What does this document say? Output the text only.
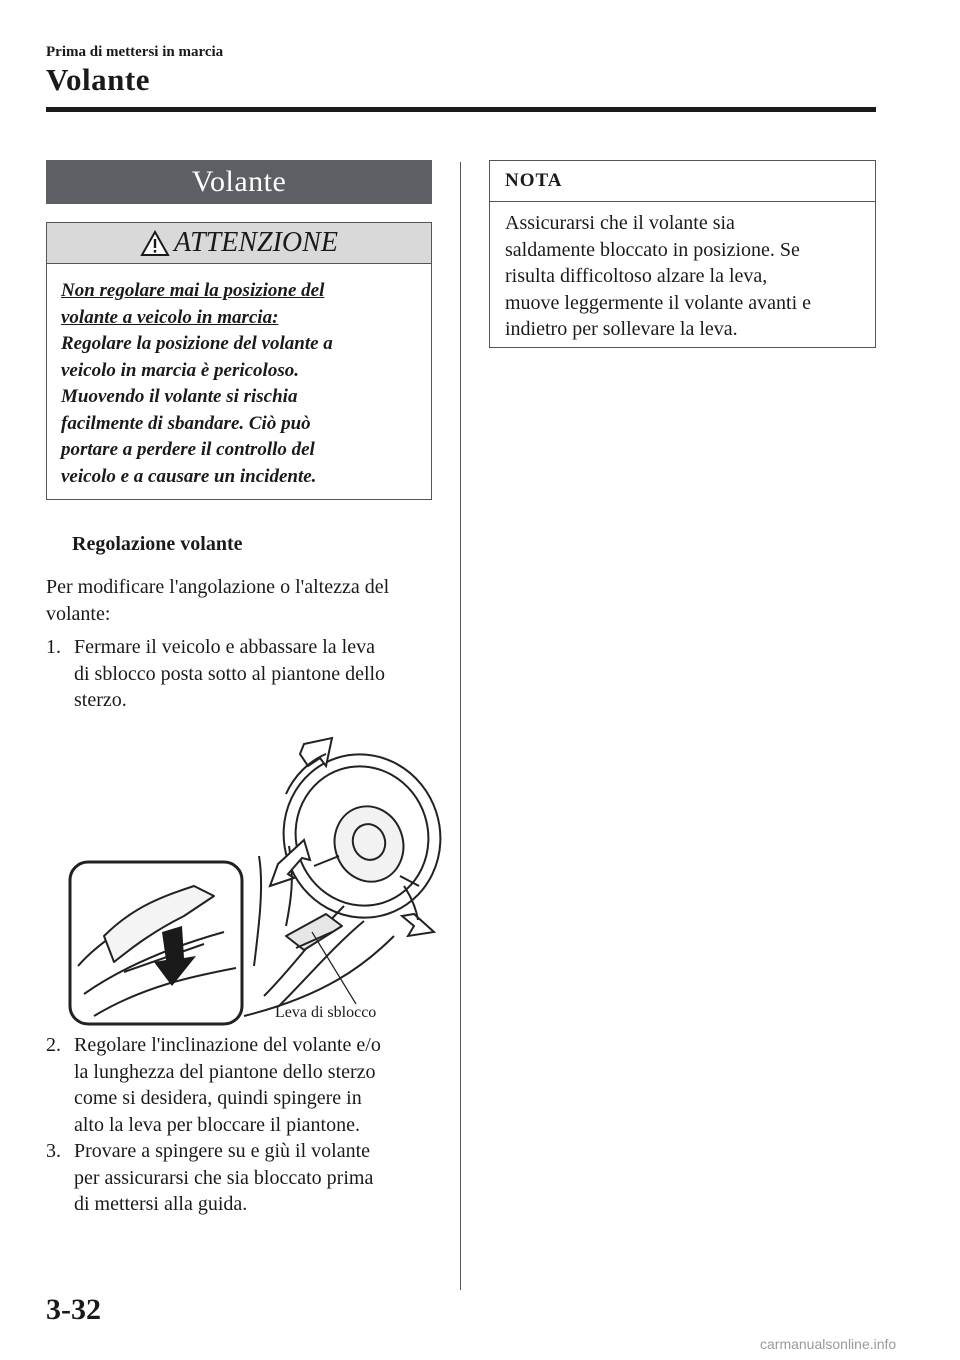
Prima di mettersi in marcia
Volante
Volante
ATTENZIONE
Non regolare mai la posizione del
volante a veicolo in marcia:
Regolare la posizione del volante a
veicolo in marcia è pericoloso.
Muovendo il volante si rischia
facilmente di sbandare. Ciò può
portare a perdere il controllo del
veicolo e a causare un incidente.
Regolazione volante
Per modificare l'angolazione o l'altezza del
volante:
1. Fermare il veicolo e abbassare la leva
di sblocco posta sotto al piantone dello
sterzo.
Leva di sblocco
2. Regolare l'inclinazione del volante e/o
la lunghezza del piantone dello sterzo
come si desidera, quindi spingere in
alto la leva per bloccare il piantone.
3. Provare a spingere su e giù il volante
per assicurarsi che sia bloccato prima
di mettersi alla guida.
NOTA
Assicurarsi che il volante sia
saldamente bloccato in posizione. Se
risulta difficoltoso alzare la leva,
muove leggermente il volante avanti e
indietro per sollevare la leva.
3-32
carmanualsonline.info
